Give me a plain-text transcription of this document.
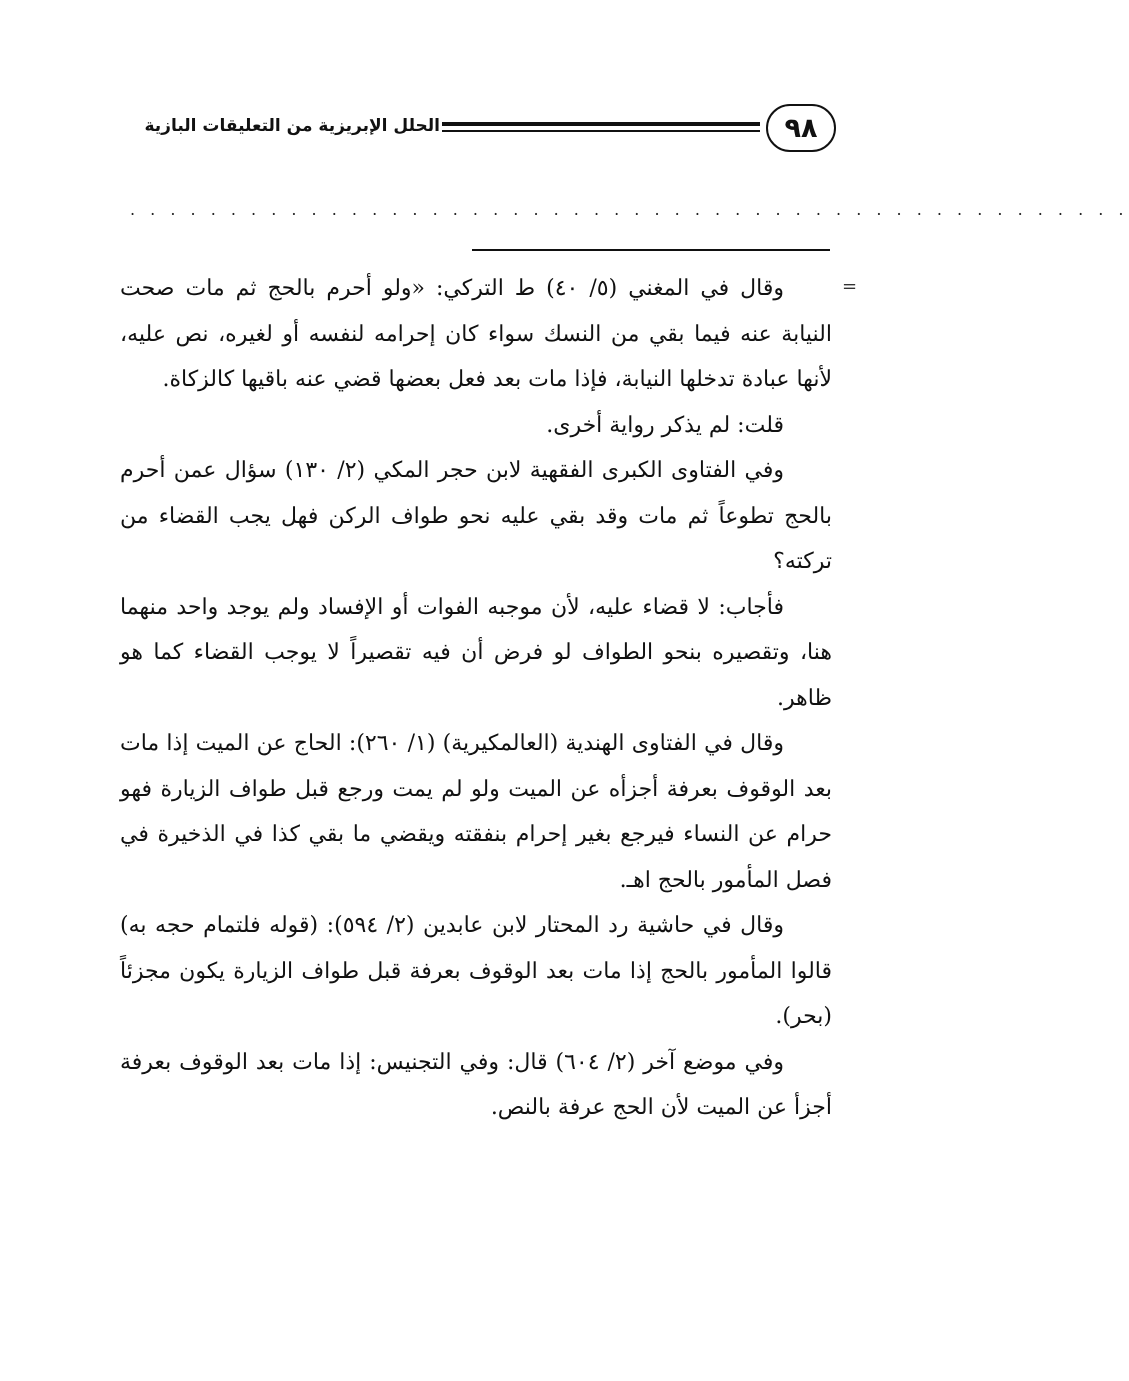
الحلل الإبريزية من التعليقات البازية	٩٨
. . . . . . . . . . . . . . . . . . . . . . . . . . . . . . . . . . . . . . . . . . . . . . . . . .
=

وقال في المغني (٥/ ٤٠) ط التركي: «ولو أحرم بالحج ثم مات صحت النيابة عنه فيما بقي من النسك سواء كان إحرامه لنفسه أو لغيره، نص عليه، لأنها عبادة تدخلها النيابة، فإذا مات بعد فعل بعضها قضي عنه باقيها كالزكاة.

قلت: لم يذكر رواية أخرى.

وفي الفتاوى الكبرى الفقهية لابن حجر المكي (٢/ ١٣٠) سؤال عمن أحرم بالحج تطوعاً ثم مات وقد بقي عليه نحو طواف الركن فهل يجب القضاء من تركته؟

فأجاب: لا قضاء عليه، لأن موجبه الفوات أو الإفساد ولم يوجد واحد منهما هنا، وتقصيره بنحو الطواف لو فرض أن فيه تقصيراً لا يوجب القضاء كما هو ظاهر.

وقال في الفتاوى الهندية (العالمكيرية) (١/ ٢٦٠): الحاج عن الميت إذا مات بعد الوقوف بعرفة أجزأه عن الميت ولو لم يمت ورجع قبل طواف الزيارة فهو حرام عن النساء فيرجع بغير إحرام بنفقته ويقضي ما بقي كذا في الذخيرة في فصل المأمور بالحج اهـ.

وقال في حاشية رد المحتار لابن عابدين (٢/ ٥٩٤): (قوله فلتمام حجه به) قالوا المأمور بالحج إذا مات بعد الوقوف بعرفة قبل طواف الزيارة يكون مجزئاً (بحر).

وفي موضع آخر (٢/ ٦٠٤) قال: وفي التجنيس: إذا مات بعد الوقوف بعرفة أجزأ عن الميت لأن الحج عرفة بالنص.
